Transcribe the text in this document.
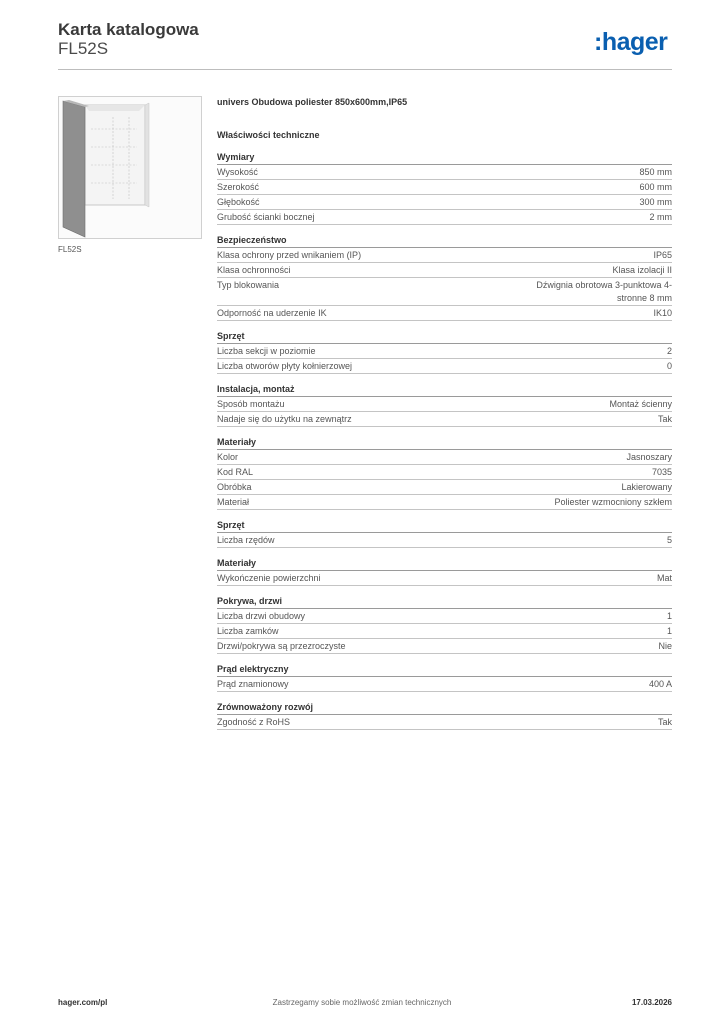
Karta katalogowa
FL52S	:hager
FL52S
univers Obudowa poliester 850x600mm,IP65
Właściwości techniczne
Wymiary
Wysokość	850 mm
Szerokość	600 mm
Głębokość	300 mm
Grubość ścianki bocznej	2 mm
Bezpieczeństwo
Klasa ochrony przed wnikaniem (IP)	IP65
Klasa ochronności	Klasa izolacji II
Typ blokowania	Dźwignia obrotowa 3-punktowa 4-stronne 8 mm
Odporność na uderzenie IK	IK10
Sprzęt
Liczba sekcji w poziomie	2
Liczba otworów płyty kołnierzowej	0
Instalacja, montaż
Sposób montażu	Montaż ścienny
Nadaje się do użytku na zewnątrz	Tak
Materiały
Kolor	Jasnoszary
Kod RAL	7035
Obróbka	Lakierowany
Materiał	Poliester wzmocniony szkłem
Sprzęt
Liczba rzędów	5
Materiały
Wykończenie powierzchni	Mat
Pokrywa, drzwi
Liczba drzwi obudowy	1
Liczba zamków	1
Drzwi/pokrywa są przezroczyste	Nie
Prąd elektryczny
Prąd znamionowy	400 A
Zrównoważony rozwój
Zgodność z RoHS	Tak
hager.com/pl	Zastrzegamy sobie możliwość zmian technicznych	17.03.2026
